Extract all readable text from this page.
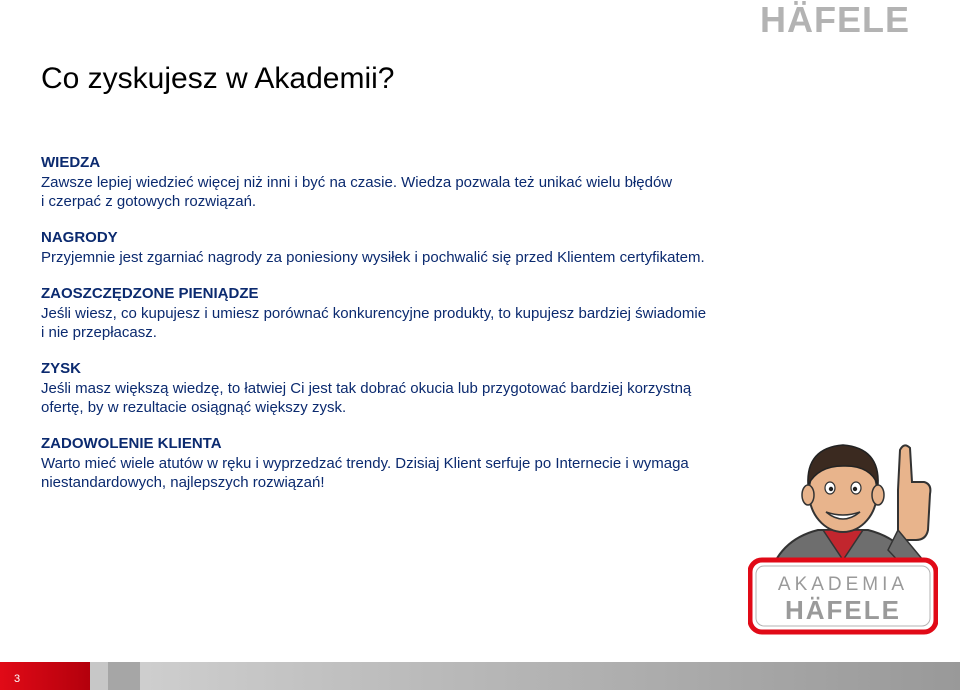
HÄFELE
Co zyskujesz w Akademii?
WIEDZA
Zawsze lepiej wiedzieć więcej niż inni i być na czasie. Wiedza pozwala też unikać wielu błędów
i czerpać z gotowych rozwiązań.
NAGRODY
Przyjemnie jest zgarniać nagrody za poniesiony wysiłek i pochwalić się przed Klientem certyfikatem.
ZAOSZCZĘDZONE PIENIĄDZE
Jeśli wiesz, co kupujesz i umiesz porównać konkurencyjne produkty, to kupujesz bardziej świadomie
i nie przepłacasz.
ZYSK
Jeśli masz większą wiedzę, to łatwiej Ci jest tak dobrać okucia lub przygotować bardziej korzystną
ofertę, by w rezultacie osiągnąć większy zysk.
ZADOWOLENIE KLIENTA
Warto mieć wiele atutów w ręku i wyprzedzać trendy. Dzisiaj Klient serfuje po Internecie i wymaga
niestandardowych, najlepszych rozwiązań!
AKADEMIA
HÄFELE
3
